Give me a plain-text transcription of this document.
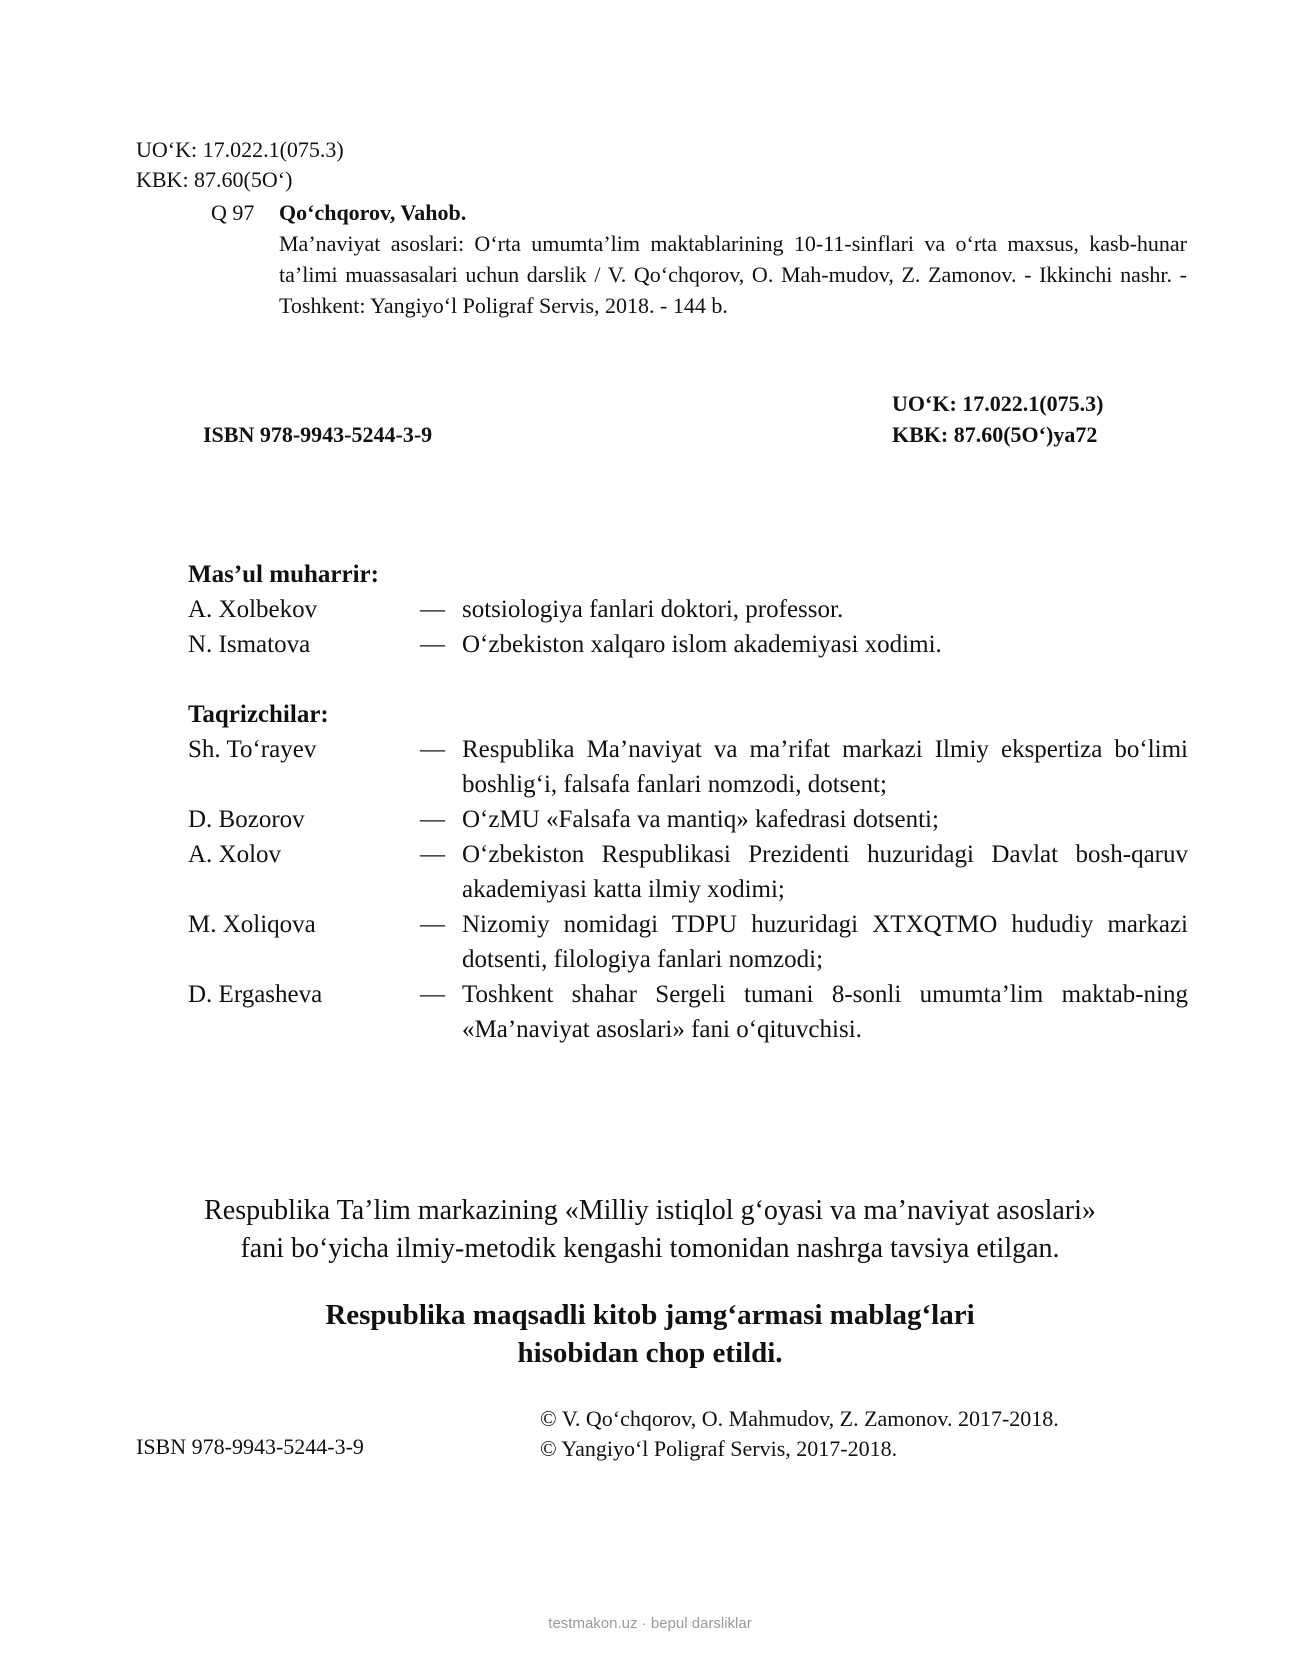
UO‘K: 17.022.1(075.3)
KBK: 87.60(5O‘)
Q 97 Qo‘chqorov, Vahob.
Ma’naviyat asoslari: O‘rta umumta’lim maktablarining 10-11-sinflari va o‘rta maxsus, kasb-hunar ta’limi muassasalari uchun darslik / V. Qo‘chqorov, O. Mah-mudov, Z. Zamonov. - Ikkinchi nashr. - Toshkent: Yangiyo‘l Poligraf Servis, 2018. - 144 b.
UO‘K: 17.022.1(075.3)
ISBN 978-9943-5244-3-9	KBK: 87.60(5O‘)ya72
Mas’ul muharrir:
A. Xolbekov	— sotsiologiya fanlari doktori, professor.
N. Ismatova	— O‘zbekiston xalqaro islom akademiyasi xodimi.
Taqrizchilar:
Sh. To‘rayev	— Respublika Ma’naviyat va ma’rifat markazi Ilmiy ekspertiza bo‘limi boshlig‘i, falsafa fanlari nomzodi, dotsent;
D. Bozorov	— O‘zMU «Falsafa va mantiq» kafedrasi dotsenti;
A. Xolov	— O‘zbekiston Respublikasi Prezidenti huzuridagi Davlat bosh-qaruv akademiyasi katta ilmiy xodimi;
M. Xoliqova	— Nizomiy nomidagi TDPU huzuridagi XTXQTMO hududiy markazi dotsenti, filologiya fanlari nomzodi;
D. Ergasheva	— Toshkent shahar Sergeli tumani 8-sonli umumta’lim maktab-ning «Ma’naviyat asoslari» fani o‘qituvchisi.
Respublika Ta’lim markazining «Milliy istiqlol g‘oyasi va ma’naviyat asoslari»
fani bo‘yicha ilmiy-metodik kengashi tomonidan nashrga tavsiya etilgan.
Respublika maqsadli kitob jamg‘armasi mablag‘lari
hisobidan chop etildi.
ISBN 978-9943-5244-3-9
© V. Qo‘chqorov, O. Mahmudov, Z. Zamonov. 2017-2018.
© Yangiyo‘l Poligraf Servis, 2017-2018.
testmakon.uz · bepul darsliklar
